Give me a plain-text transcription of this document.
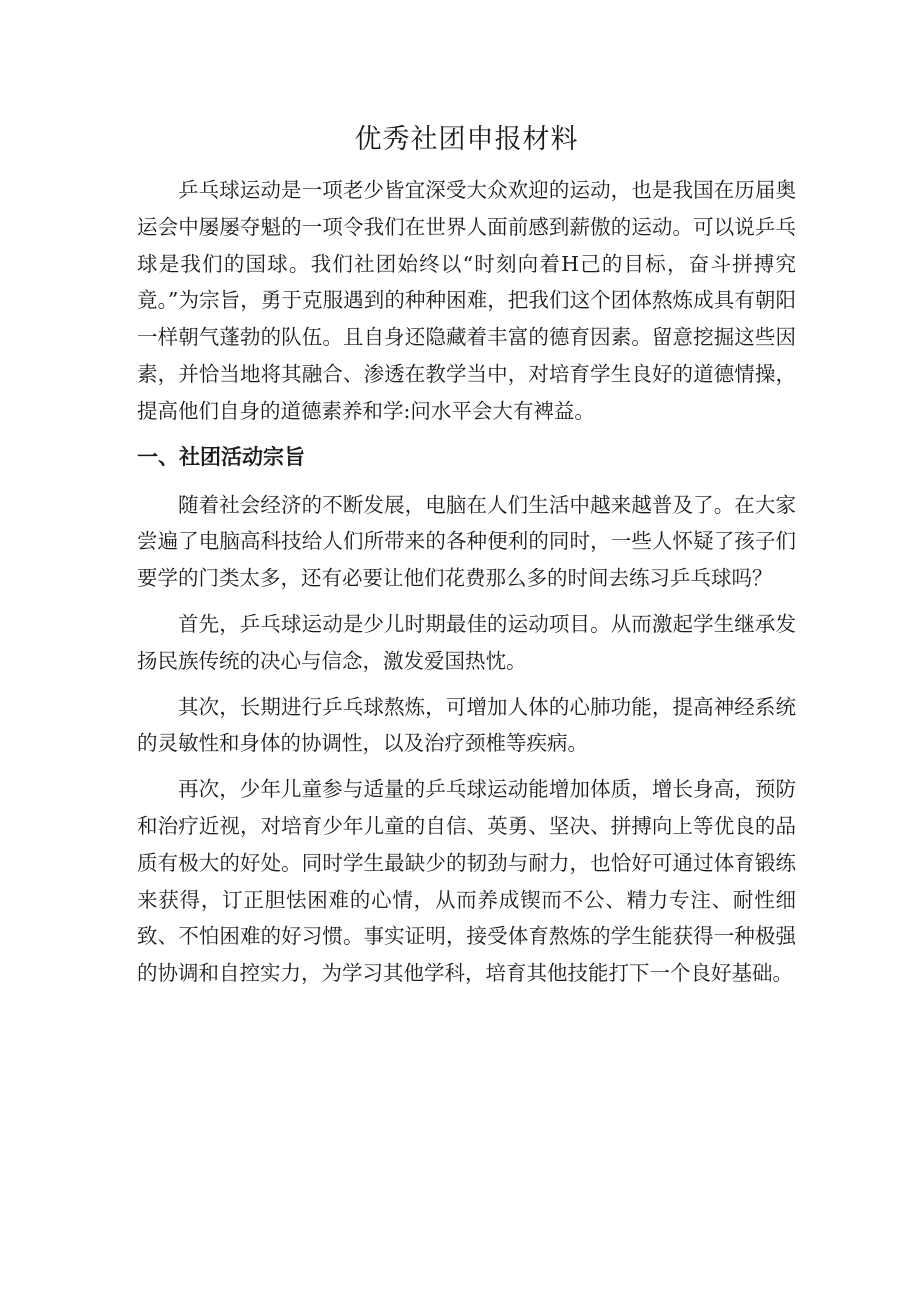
优秀社团申报材料

乒乓球运动是一项老少皆宜深受大众欢迎的运动，也是我国在历届奥运会中屡屡夺魁的一项令我们在世界人面前感到薪傲的运动。可以说乒乓球是我们的国球。我们社团始终以“时刻向着H己的目标，奋斗拼搏究竟。”为宗旨，勇于克服遇到的种种困难，把我们这个团体熬炼成具有朝阳一样朝气蓬勃的队伍。且自身还隐藏着丰富的德育因素。留意挖掘这些因素，并恰当地将其融合、渗透在教学当中，对培育学生良好的道德情操，提高他们自身的道德素养和学:问水平会大有裨益。

一、社团活动宗旨

随着社会经济的不断发展，电脑在人们生活中越来越普及了。在大家尝遍了电脑高科技给人们所带来的各种便利的同时，一些人怀疑了孩子们要学的门类太多，还有必要让他们花费那么多的时间去练习乒乓球吗？

首先，乒乓球运动是少儿时期最佳的运动项目。从而激起学生继承发扬民族传统的决心与信念，激发爱国热忱。

其次，长期进行乒乓球熬炼，可增加人体的心肺功能，提高神经系统的灵敏性和身体的协调性，以及治疗颈椎等疾病。

再次，少年儿童参与适量的乒乓球运动能增加体质，增长身高，预防和治疗近视，对培育少年儿童的自信、英勇、坚决、拼搏向上等优良的品质有极大的好处。同时学生最缺少的韧劲与耐力，也恰好可通过体育锻练来获得，订正胆怯困难的心情，从而养成锲而不公、精力专注、耐性细致、不怕困难的好习惯。事实证明，接受体育熬炼的学生能获得一种极强的协调和自控实力，为学习其他学科，培育其他技能打下一个良好基础。
